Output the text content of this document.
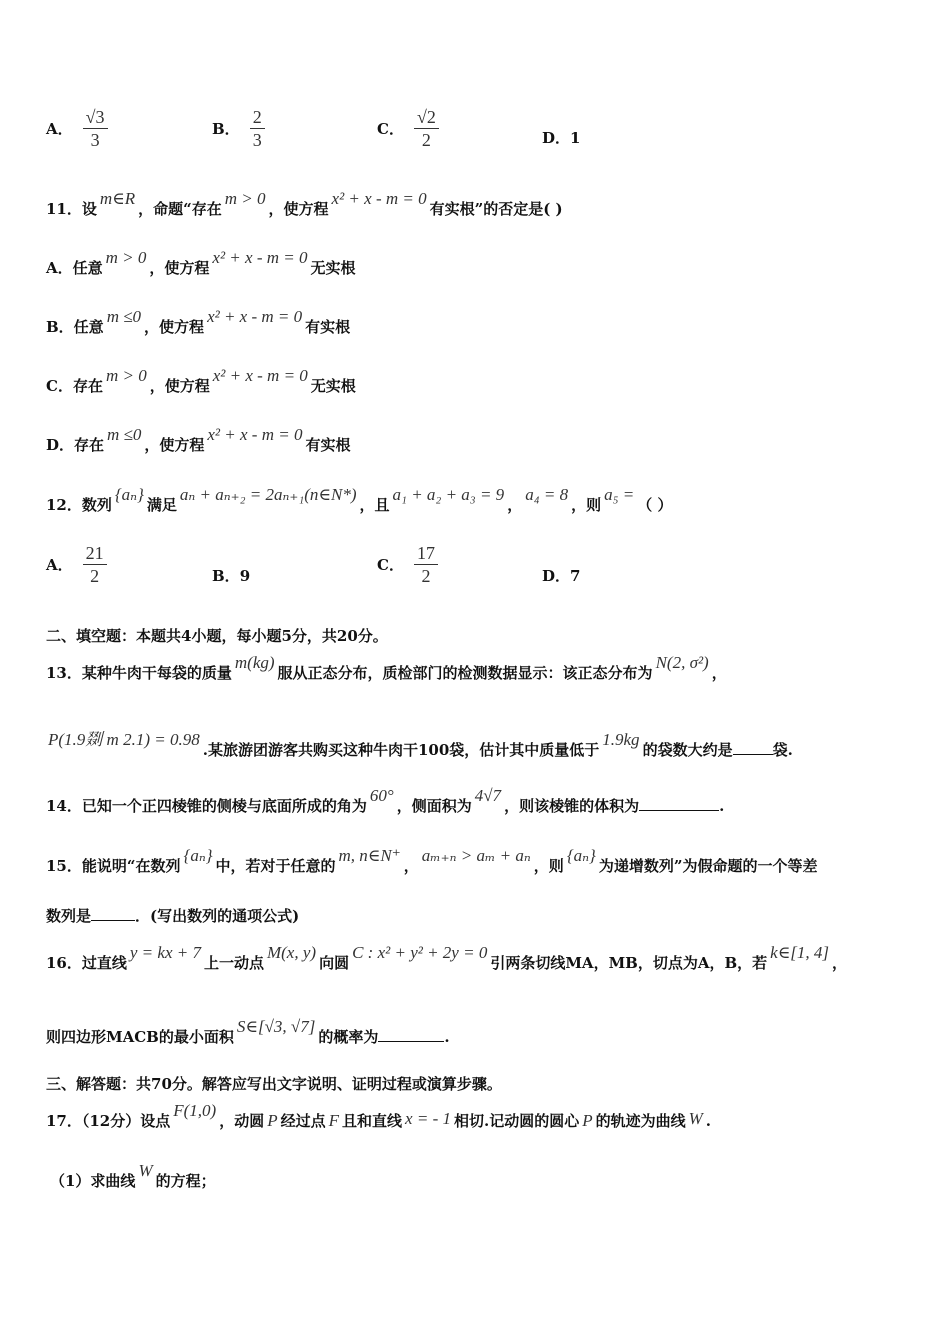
A． $\frac{√3}{3}$	B． $\frac{2}{3}$	C． $\frac{√2}{2}$	D．1
11．设
m∈R
，命题“存在
m > 0
，使方程
x² + x - m = 0
有实根”的否定是( )
A．任意
m > 0
，使方程
x² + x - m = 0
无实根
B．任意
m ≤0
，使方程
x² + x - m = 0
有实根
C．存在
m > 0
，使方程
x² + x - m = 0
无实根
D．存在
m ≤0
，使方程
x² + x - m = 0
有实根
12．数列
{aₙ}
满足
aₙ + aₙ₊₂ = 2aₙ₊₁(n∈N*)
，且
a₁ + a₂ + a₃ = 9
，
a₄ = 8
，则
a₅ =
（ ）
A． $\frac{21}{2}$	B．9
C． $\frac{17}{2}$	D．7
二、填空题：本题共4小题，每小题5分，共20分。
13．某种牛肉干每袋的质量
m(kg)
服从正态分布，质检部门的检测数据显示：该正态分布为
N(2, σ²)
，
P(1.9剟 m 2.1) = 0.98
.某旅游团游客共购买这种牛肉干100袋，估计其中质量低于
1.9kg
的袋数大约是	袋.
14．已知一个正四棱锥的侧棱与底面所成的角为
60°
，侧面积为
4√7
，则该棱锥的体积为	.
15．能说明“在数列
{aₙ}
中，若对于任意的
m, n∈N⁺
，
aₘ₊ₙ > aₘ + aₙ
，则
{aₙ}
为递增数列”为假命题的一个等差
数列是	．(写出数列的通项公式)
16．过直线
y = kx + 7
上一动点
M(x, y)
向圆
C : x² + y² + 2y = 0
引两条切线MA，MB，切点为A，B，若
k∈[1, 4]
，
则四边形MACB的最小面积
S∈[√3, √7]
的概率为	.
三、解答题：共70分。解答应写出文字说明、证明过程或演算步骤。
17．（12分）设点
F(1,0)
，动圆 P 经过点 F 且和直线 x = - 1 相切.记动圆的圆心 P 的轨迹为曲线 W .
（1）求曲线
W
的方程；
